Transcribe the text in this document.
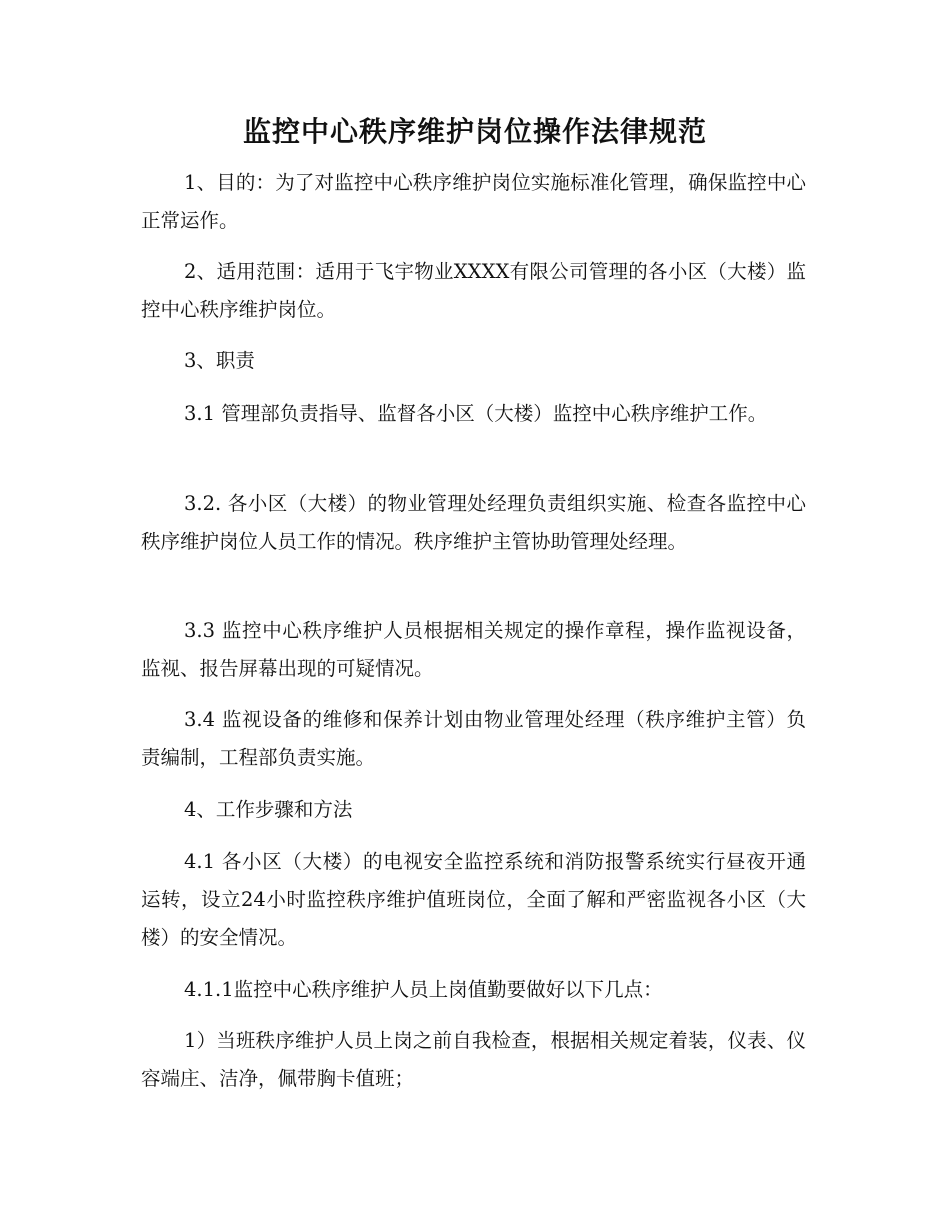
监控中心秩序维护岗位操作法律规范

1、目的：为了对监控中心秩序维护岗位实施标准化管理，确保监控中心正常运作。

2、适用范围：适用于飞宇物业XXXX有限公司管理的各小区（大楼）监控中心秩序维护岗位。

3、职责

3.1 管理部负责指导、监督各小区（大楼）监控中心秩序维护工作。

3.2. 各小区（大楼）的物业管理处经理负责组织实施、检查各监控中心秩序维护岗位人员工作的情况。秩序维护主管协助管理处经理。

3.3 监控中心秩序维护人员根据相关规定的操作章程，操作监视设备，监视、报告屏幕出现的可疑情况。

3.4 监视设备的维修和保养计划由物业管理处经理（秩序维护主管）负责编制，工程部负责实施。

4、工作步骤和方法

4.1 各小区（大楼）的电视安全监控系统和消防报警系统实行昼夜开通运转，设立24小时监控秩序维护值班岗位，全面了解和严密监视各小区（大楼）的安全情况。

4.1.1监控中心秩序维护人员上岗值勤要做好以下几点：

1）当班秩序维护人员上岗之前自我检查，根据相关规定着装，仪表、仪容端庄、洁净，佩带胸卡值班；
